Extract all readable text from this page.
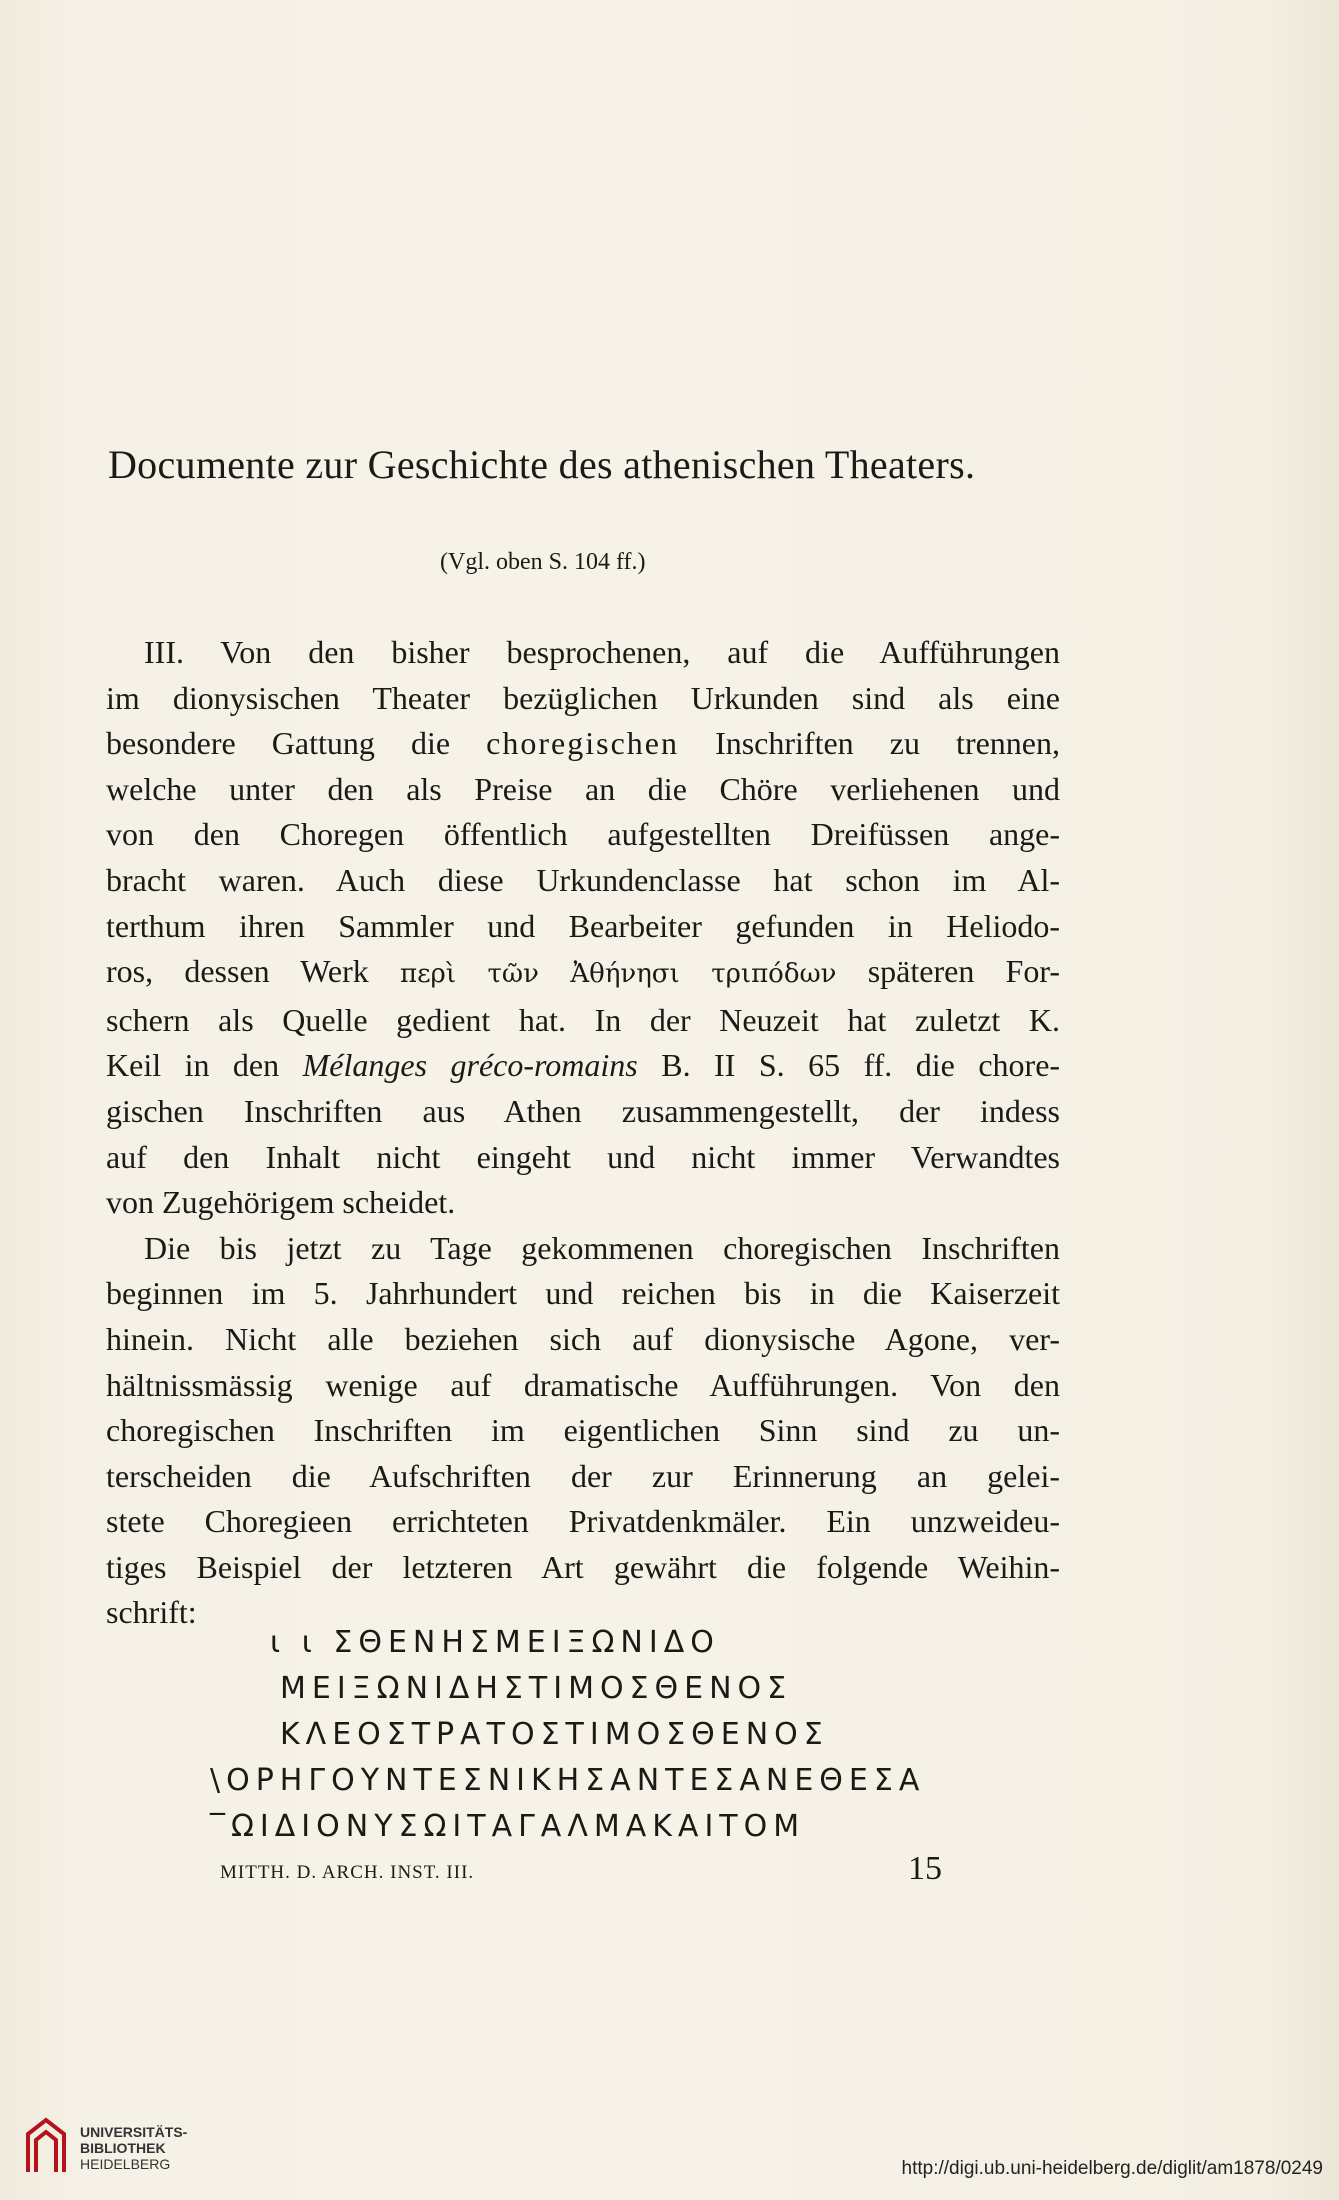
Documente zur Geschichte des athenischen Theaters.
(Vgl. oben S. 104 ff.)
III. Von den bisher besprochenen, auf die Aufführungen
im dionysischen Theater bezüglichen Urkunden sind als eine
besondere Gattung die choregischen Inschriften zu trennen,
welche unter den als Preise an die Chöre verliehenen und
von den Choregen öffentlich aufgestellten Dreifüssen ange-
bracht waren. Auch diese Urkundenclasse hat schon im Al-
terthum ihren Sammler und Bearbeiter gefunden in Heliodo-
ros, dessen Werk περὶ τῶν Ἀθήνησι τριπόδων späteren For-
schern als Quelle gedient hat. In der Neuzeit hat zuletzt K.
Keil in den Mélanges gréco-romains B. II S. 65 ff. die chore-
gischen Inschriften aus Athen zusammengestellt, der indess
auf den Inhalt nicht eingeht und nicht immer Verwandtes
von Zugehörigem scheidet.
Die bis jetzt zu Tage gekommenen choregischen Inschriften
beginnen im 5. Jahrhundert und reichen bis in die Kaiserzeit
hinein. Nicht alle beziehen sich auf dionysische Agone, ver-
hältnissmässig wenige auf dramatische Aufführungen. Von den
choregischen Inschriften im eigentlichen Sinn sind zu un-
terscheiden die Aufschriften der zur Erinnerung an gelei-
stete Choregieen errichteten Privatdenkmäler. Ein unzweideu-
tiges Beispiel der letzteren Art gewährt die folgende Weihin-
schrift:
ι ι ΣΘΕΝΗΣΜΕΙΞΩΝΙΔΟ
ΜΕΙΞΩΝΙΔΗΣΤΙΜΟΣΘΕΝΟΣ
ΚΛΕΟΣΤΡΑΤΟΣΤΙΜΟΣΘΕΝΟΣ
\ΟΡΗΓΟΥΝΤΕΣΝΙΚΗΣΑΝΤΕΣΑΝΕΘΕΣΑ
‾ΩΙΔΙΟΝΥΣΩΙΤΑΓΑΛΜΑΚΑΙΤΟΜ
MITTH. D. ARCH. INST. III.	15
UNIVERSITÄTS-
BIBLIOTHEK
HEIDELBERG	http://digi.ub.uni-heidelberg.de/diglit/am1878/0249
